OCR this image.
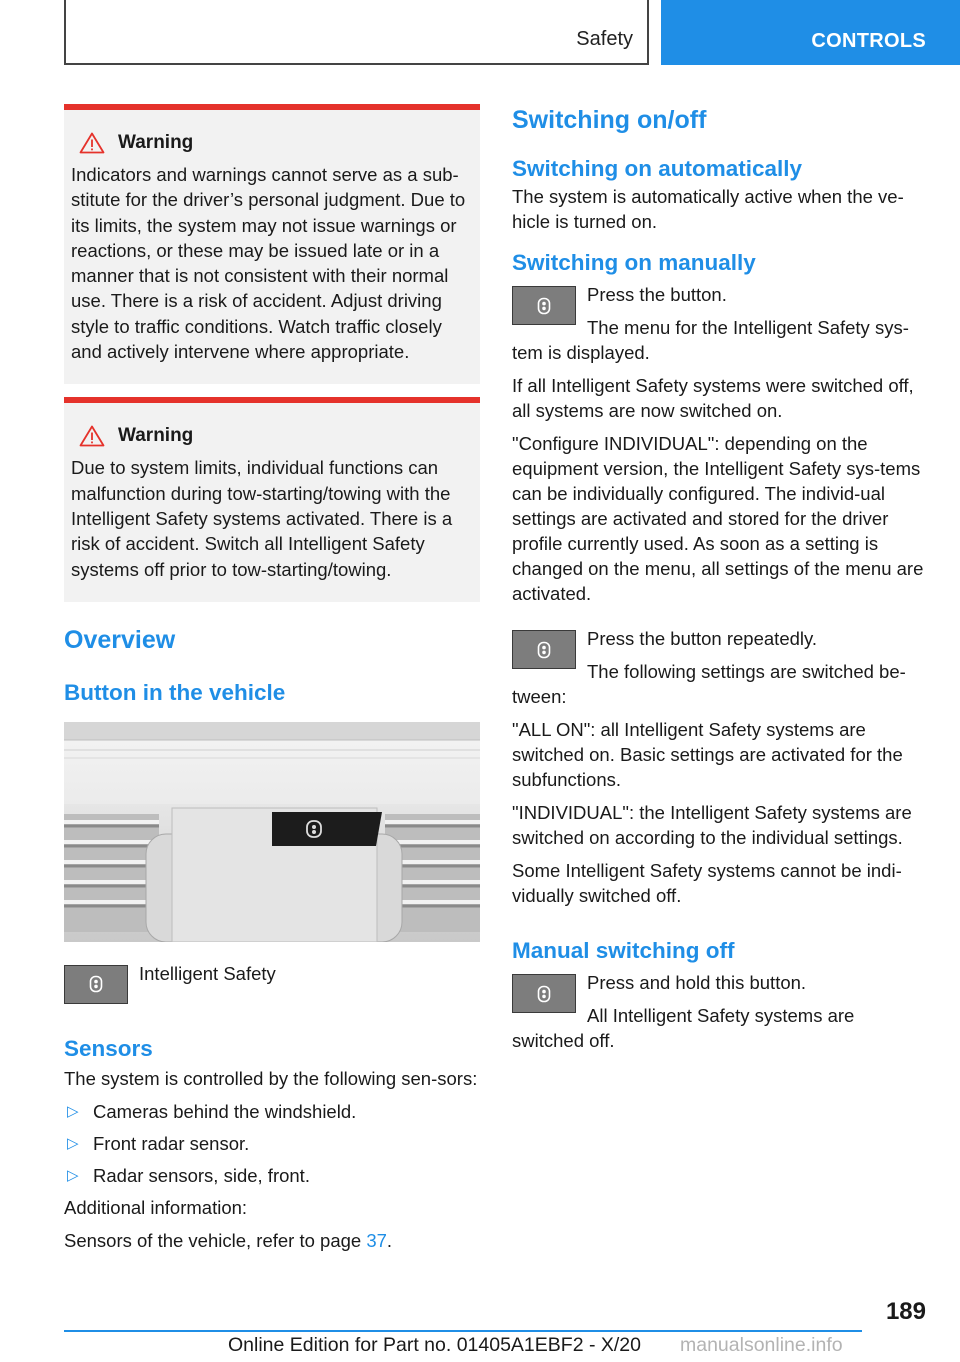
Safety	CONTROLS
Warning

Indicators and warnings cannot serve as a sub‐stitute for the driver’s personal judgment. Due to its limits, the system may not issue warnings or reactions, or these may be issued late or in a manner that is not consistent with their normal use. There is a risk of accident. Adjust driving style to traffic conditions. Watch traffic closely and actively intervene where appropriate.

Warning

Due to system limits, individual functions can malfunction during tow-starting/towing with the Intelligent Safety systems activated. There is a risk of accident. Switch all Intelligent Safety systems off prior to tow-starting/towing.

Overview
Button in the vehicle
Intelligent Safety
Sensors

The system is controlled by the following sen‐sors:

▷ Cameras behind the windshield.
▷ Front radar sensor.
▷ Radar sensors, side, front.

Additional information:

Sensors of the vehicle, refer to page 37.

Switching on/off
Switching on automatically

The system is automatically active when the ve‐hicle is turned on.

Switching on manually

Press the button.

The menu for the Intelligent Safety sys‐tem is displayed.

If all Intelligent Safety systems were switched off, all systems are now switched on.

"Configure INDIVIDUAL": depending on the equipment version, the Intelligent Safety sys‐tems can be individually configured. The individ‐ual settings are activated and stored for the driver profile currently used. As soon as a setting is changed on the menu, all settings of the menu are activated.

Press the button repeatedly.

The following settings are switched be‐tween:

"ALL ON": all Intelligent Safety systems are switched on. Basic settings are activated for the subfunctions.

"INDIVIDUAL": the Intelligent Safety systems are switched on according to the individual settings.

Some Intelligent Safety systems cannot be indi‐vidually switched off.

Manual switching off

Press and hold this button.

All Intelligent Safety systems are switched off.

189
Online Edition for Part no. 01405A1EBF2 - X/20 manualsonline.info
